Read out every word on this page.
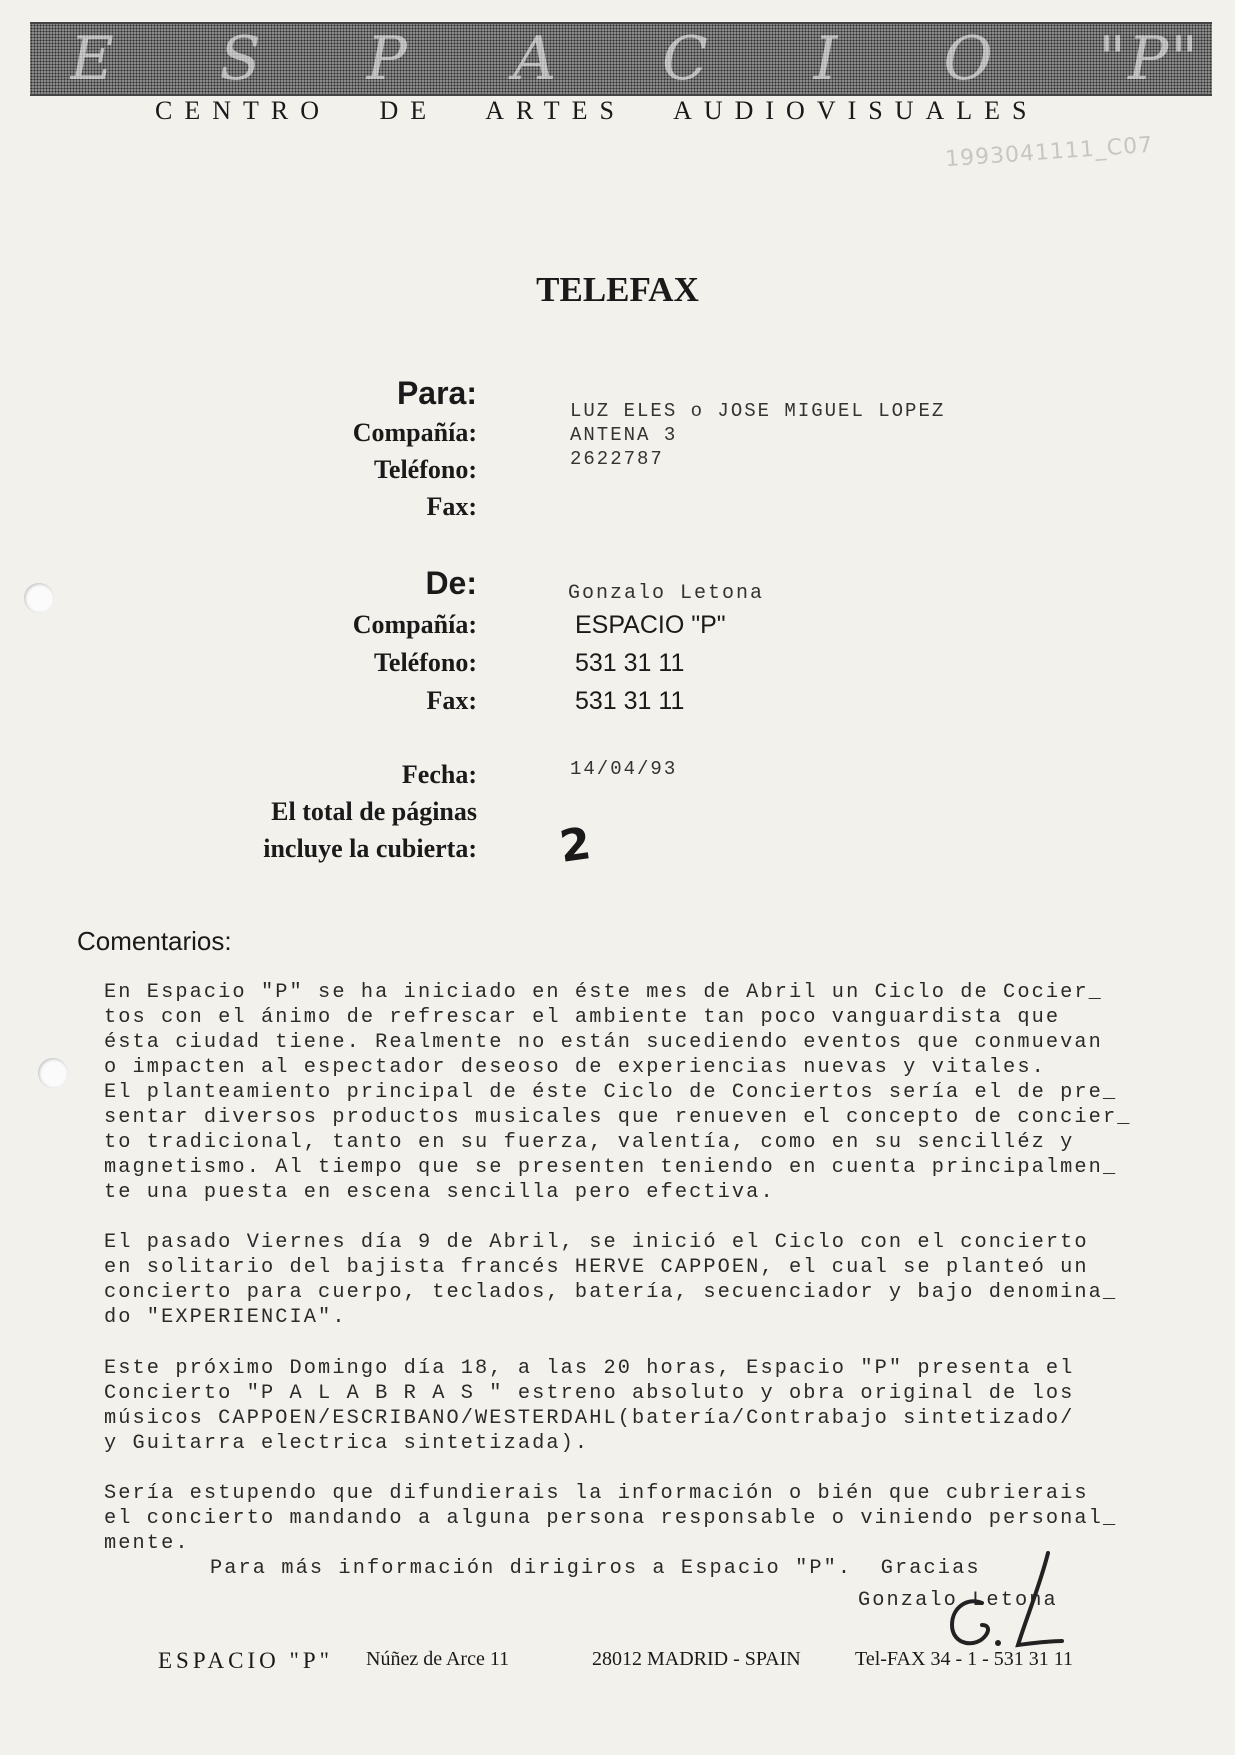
E S P A C I O "P"
CENTRO DE ARTES AUDIOVISUALES
1993041111_C07
TELEFAX
Para:
Compañía:
Teléfono:
Fax:
LUZ ELES o JOSE MIGUEL LOPEZ
ANTENA 3
2622787
De:
Compañía:
Teléfono:
Fax:
Gonzalo Letona
ESPACIO "P"
531 31 11
531 31 11
Fecha:
El total de páginas
incluye la cubierta:
14/04/93
2
Comentarios:
En Espacio "P" se ha iniciado en éste mes de Abril un Ciclo de Cocier_
tos con el ánimo de refrescar el ambiente tan poco vanguardista que
ésta ciudad tiene. Realmente no están sucediendo eventos que conmuevan
o impacten al espectador deseoso de experiencias nuevas y vitales.
El planteamiento principal de éste Ciclo de Conciertos sería el de pre_
sentar diversos productos musicales que renueven el concepto de concier_
to tradicional, tanto en su fuerza, valentía, como en su sencilléz y
magnetismo. Al tiempo que se presenten teniendo en cuenta principalmen_
te una puesta en escena sencilla pero efectiva.
El pasado Viernes día 9 de Abril, se inició el Ciclo con el concierto
en solitario del bajista francés HERVE CAPPOEN, el cual se planteó un
concierto para cuerpo, teclados, batería, secuenciador y bajo denomina_
do "EXPERIENCIA".
Este próximo Domingo día 18, a las 20 horas, Espacio "P" presenta el
Concierto "P A L A B R A S " estreno absoluto y obra original de los
músicos CAPPOEN/ESCRIBANO/WESTERDAHL(batería/Contrabajo sintetizado/
y Guitarra electrica sintetizada).
Sería estupendo que difundierais la información o bién que cubrierais
el concierto mandando a alguna persona responsable o viniendo personal_
mente.
Para más información dirigiros a Espacio "P".  Gracias
Gonzalo Letona
ESPACIO "P" Núñez de Arce 11	28012 MADRID - SPAIN	Tel-FAX 34 - 1 - 531 31 11
